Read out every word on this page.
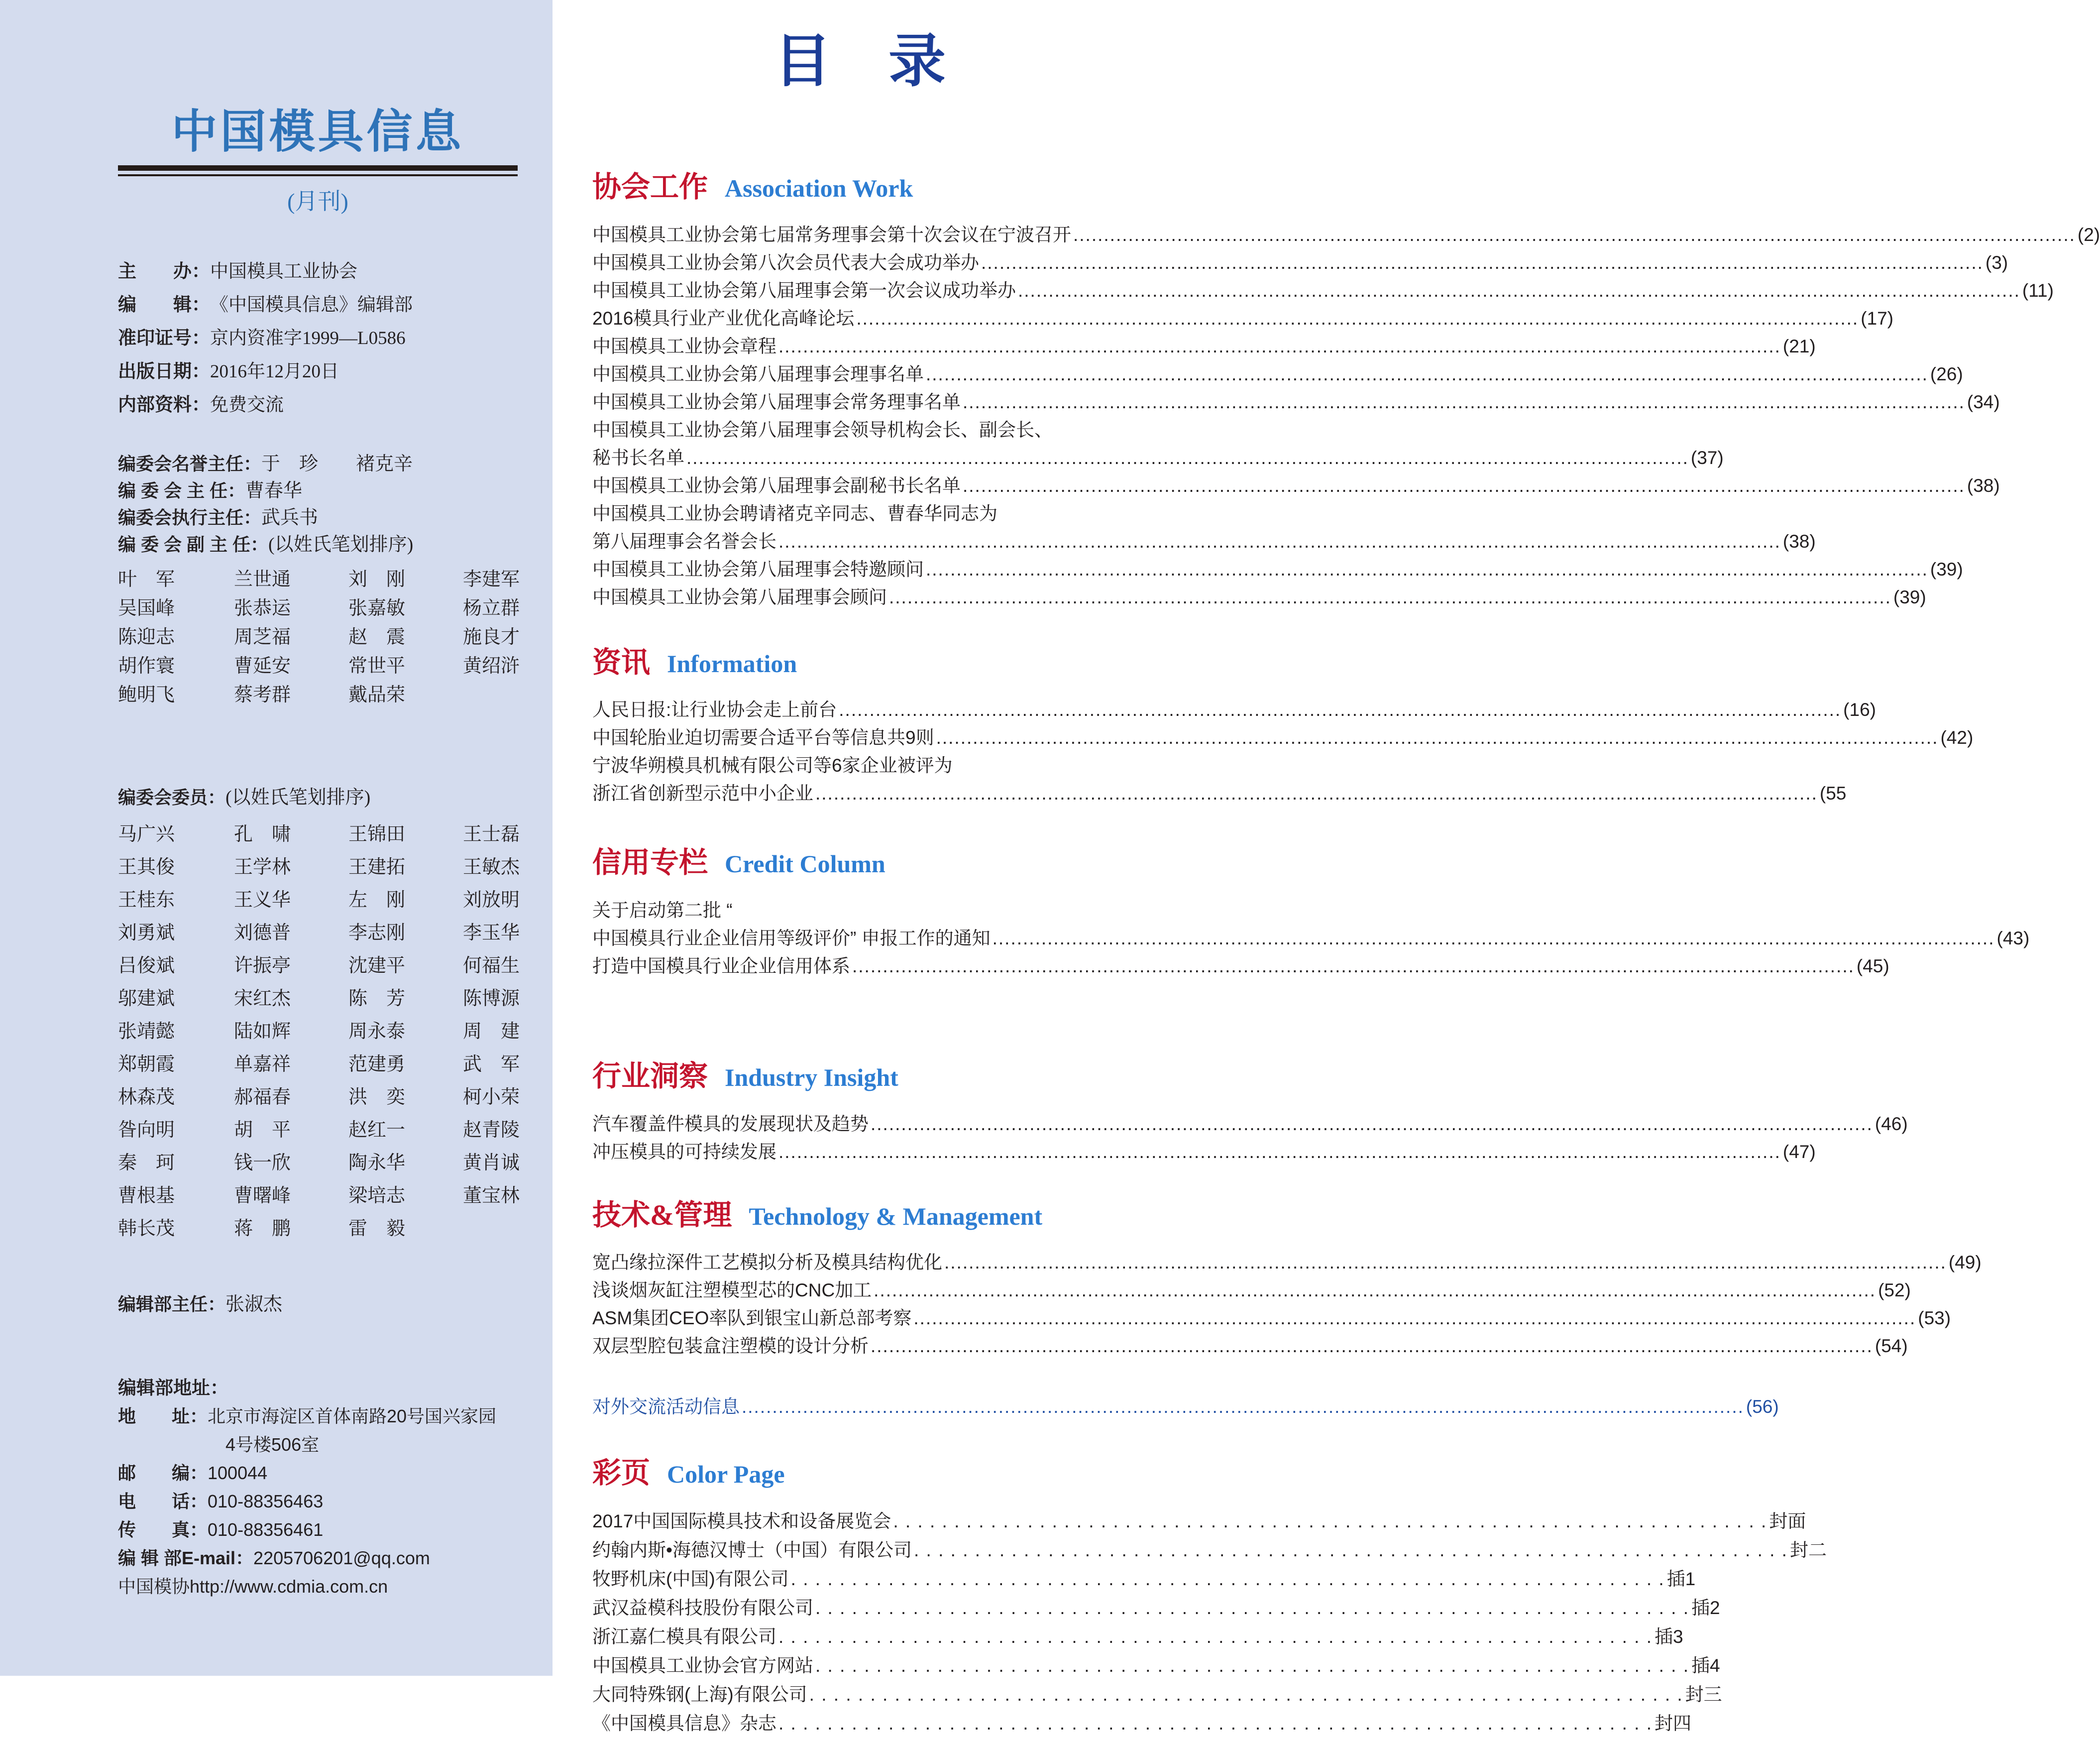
中国模具信息
(月刊)
主　　办： 中国模具工业协会
编　　辑： 《中国模具信息》编辑部
准印证号： 京内资准字1999—L0586
出版日期： 2016年12月20日
内部资料： 免费交流
编委会名誉主任： 于　珍　　褚克辛
编 委 会 主 任： 曹春华
编委会执行主任： 武兵书
编 委 会 副 主 任： (以姓氏笔划排序)
叶　军	兰世通	刘　刚	李建军
吴国峰	张恭运	张嘉敏	杨立群
陈迎志	周芝福	赵　震	施良才
胡作寰	曹延安	常世平	黄绍浒
鲍明飞	蔡考群	戴品荣
编委会委员： (以姓氏笔划排序)
马广兴	孔　啸	王锦田	王士磊
王其俊	王学林	王建拓	王敏杰
王桂东	王义华	左　刚	刘放明
刘勇斌	刘德普	李志刚	李玉华
吕俊斌	许振亭	沈建平	何福生
邬建斌	宋红杰	陈　芳	陈博源
张靖懿	陆如辉	周永泰	周　建
郑朝霞	单嘉祥	范建勇	武　军
林森茂	郝福春	洪　奕	柯小荣
昝向明	胡　平	赵红一	赵青陵
秦　珂	钱一欣	陶永华	黄肖诚
曹根基	曹曙峰	梁培志	董宝林
韩长茂	蒋　鹏	雷　毅
编辑部主任： 张淑杰
编辑部地址：
地　　址： 北京市海淀区首体南路20号国兴家园

4号楼506室
邮　　编： 100044
电　　话： 010-88356463
传　　真： 010-88356461
编 辑 部E-mail： 2205706201@qq.com
中国模协http://www.cdmia.com.cn
目　录
协会工作 Association Work
中国模具工业协会第七届常务理事会第十次会议在宁波召开 .....	(2)
中国模具工业协会第八次会员代表大会成功举办 .....	(3)
中国模具工业协会第八届理事会第一次会议成功举办 .....	(11)
2016模具行业产业优化高峰论坛 .....	(17)
中国模具工业协会章程 .....	(21)
中国模具工业协会第八届理事会理事名单 .....	(26)
中国模具工业协会第八届理事会常务理事名单 .....	(34)
中国模具工业协会第八届理事会领导机构会长、副会长、
秘书长名单 .....	(37)
中国模具工业协会第八届理事会副秘书长名单 .....	(38)
中国模具工业协会聘请褚克辛同志、曹春华同志为
第八届理事会名誉会长 .....	(38)
中国模具工业协会第八届理事会特邀顾问 .....	(39)
中国模具工业协会第八届理事会顾问 .....	(39)
资讯 Information
人民日报:让行业协会走上前台 .....	(16)
中国轮胎业迫切需要合适平台等信息共9则 .....	(42)
宁波华朔模具机械有限公司等6家企业被评为
浙江省创新型示范中小企业 .....	(55
信用专栏 Credit Column
关于启动第二批 “
中国模具行业企业信用等级评价” 申报工作的通知 .....	(43)
打造中国模具行业企业信用体系 .....	(45)
行业洞察 Industry Insight
汽车覆盖件模具的发展现状及趋势 .....	(46)
冲压模具的可持续发展 .....	(47)
技术&管理 Technology & Management
宽凸缘拉深件工艺模拟分析及模具结构优化 .....	(49)
浅谈烟灰缸注塑模型芯的CNC加工 .....	(52)
ASM集团CEO率队到银宝山新总部考察 .....	(53)
双层型腔包装盒注塑模的设计分析 .....	(54)
对外交流活动信息 .....	(56)
彩页 Color Page
2017中国国际模具技术和设备展览会 . . .	封面
约翰内斯•海德汉博士（中国）有限公司 . . .	封二
牧野机床(中国)有限公司 . . .	插1
武汉益模科技股份有限公司 . . .	插2
浙江嘉仁模具有限公司 . . .	插3
中国模具工业协会官方网站 . . .	插4
大同特殊钢(上海)有限公司 . . .	封三
《中国模具信息》杂志 . . .	封四
